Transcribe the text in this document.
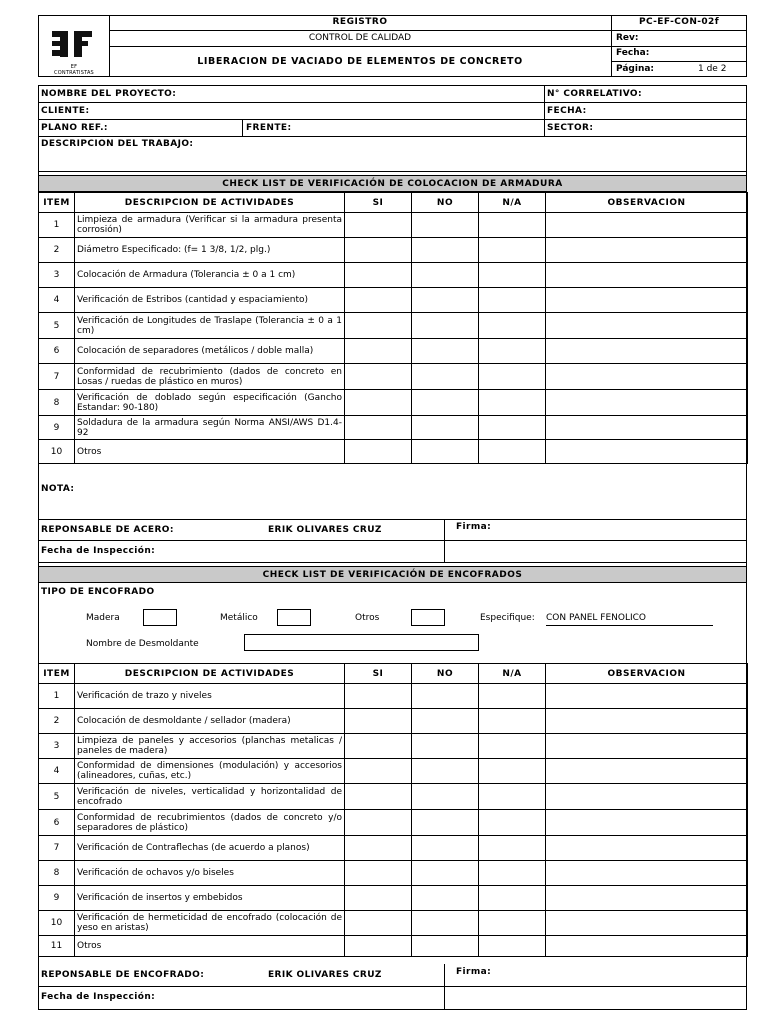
EF CONTRATISTAS
REGISTRO
CONTROL DE CALIDAD
LIBERACION DE VACIADO DE ELEMENTOS DE CONCRETO
PC-EF-CON-02f
Rev:
Fecha:
Página:	1 de 2
NOMBRE DEL PROYECTO:	N° CORRELATIVO:
CLIENTE:	FECHA:
PLANO REF.:	FRENTE:	SECTOR:
DESCRIPCION DEL TRABAJO:
CHECK LIST DE VERIFICACIÓN DE COLOCACION DE ARMADURA
ITEM	DESCRIPCION DE ACTIVIDADES	SI	NO	N/A	OBSERVACION
1	Limpieza de armadura (Verificar si la armadura presenta corrosión)				
2	Diámetro Especificado: (f= 1 3/8, 1/2, plg.)				
3	Colocación de Armadura (Tolerancia ± 0 a 1 cm)				
4	Verificación de Estribos (cantidad y espaciamiento)				
5	Verificación de Longitudes de Traslape (Tolerancia ± 0 a 1 cm)				
6	Colocación de separadores (metálicos / doble malla)				
7	Conformidad de recubrimiento (dados de concreto en Losas / ruedas de plástico en muros)				
8	Verificación de doblado según especificación (Gancho Estandar: 90-180)				
9	Soldadura de la armadura según Norma ANSI/AWS D1.4-92				
10	Otros				
NOTA:
REPONSABLE DE ACERO:	ERIK OLIVARES CRUZ	Firma:
Fecha de Inspección:
CHECK LIST DE VERIFICACIÓN DE ENCOFRADOS
TIPO DE ENCOFRADO
Madera	Metálico	Otros	Especifique: CON PANEL FENOLICO
Nombre de Desmoldante
ITEM	DESCRIPCION DE ACTIVIDADES	SI	NO	N/A	OBSERVACION
1	Verificación de trazo y niveles				
2	Colocación de desmoldante / sellador (madera)				
3	Limpieza de paneles y accesorios (planchas metalicas / paneles de madera)				
4	Conformidad de dimensiones (modulación) y accesorios (alineadores, cuñas, etc.)				
5	Verificación de niveles, verticalidad y horizontalidad de encofrado				
6	Conformidad de recubrimientos (dados de concreto y/o separadores de plástico)				
7	Verificación de Contraflechas (de acuerdo a planos)				
8	Verificación de ochavos y/o biseles				
9	Verificación de insertos y embebidos				
10	Verificación de hermeticidad de encofrado (colocación de yeso en aristas)				
11	Otros				
REPONSABLE DE ENCOFRADO:	ERIK OLIVARES CRUZ	Firma:
Fecha de Inspección:
